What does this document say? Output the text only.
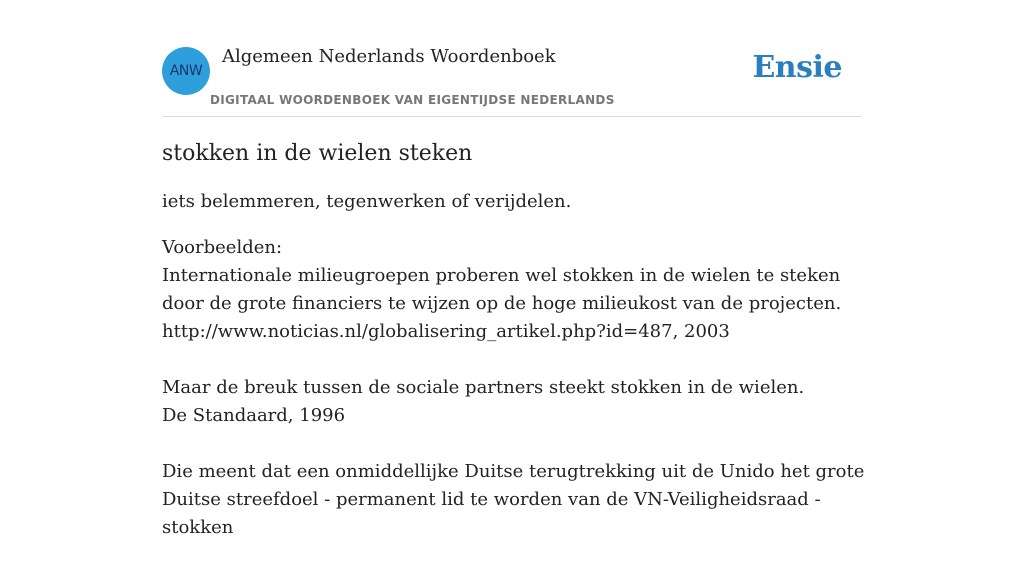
ANW
Algemeen Nederlands Woordenboek
DIGITAAL WOORDENBOEK VAN EIGENTIJDSE NEDERLANDS
Ensie
stokken in de wielen steken

iets belemmeren, tegenwerken of verijdelen.

Voorbeelden:
Internationale milieugroepen proberen wel stokken in de wielen te steken door de grote financiers te wijzen op de hoge milieukost van de projecten.
http://www.noticias.nl/globalisering_artikel.php?id=487, 2003
Maar de breuk tussen de sociale partners steekt stokken in de wielen.
De Standaard, 1996
Die meent dat een onmiddellijke Duitse terugtrekking uit de Unido het grote Duitse streefdoel - permanent lid te worden van de VN-Veiligheidsraad - stokken
